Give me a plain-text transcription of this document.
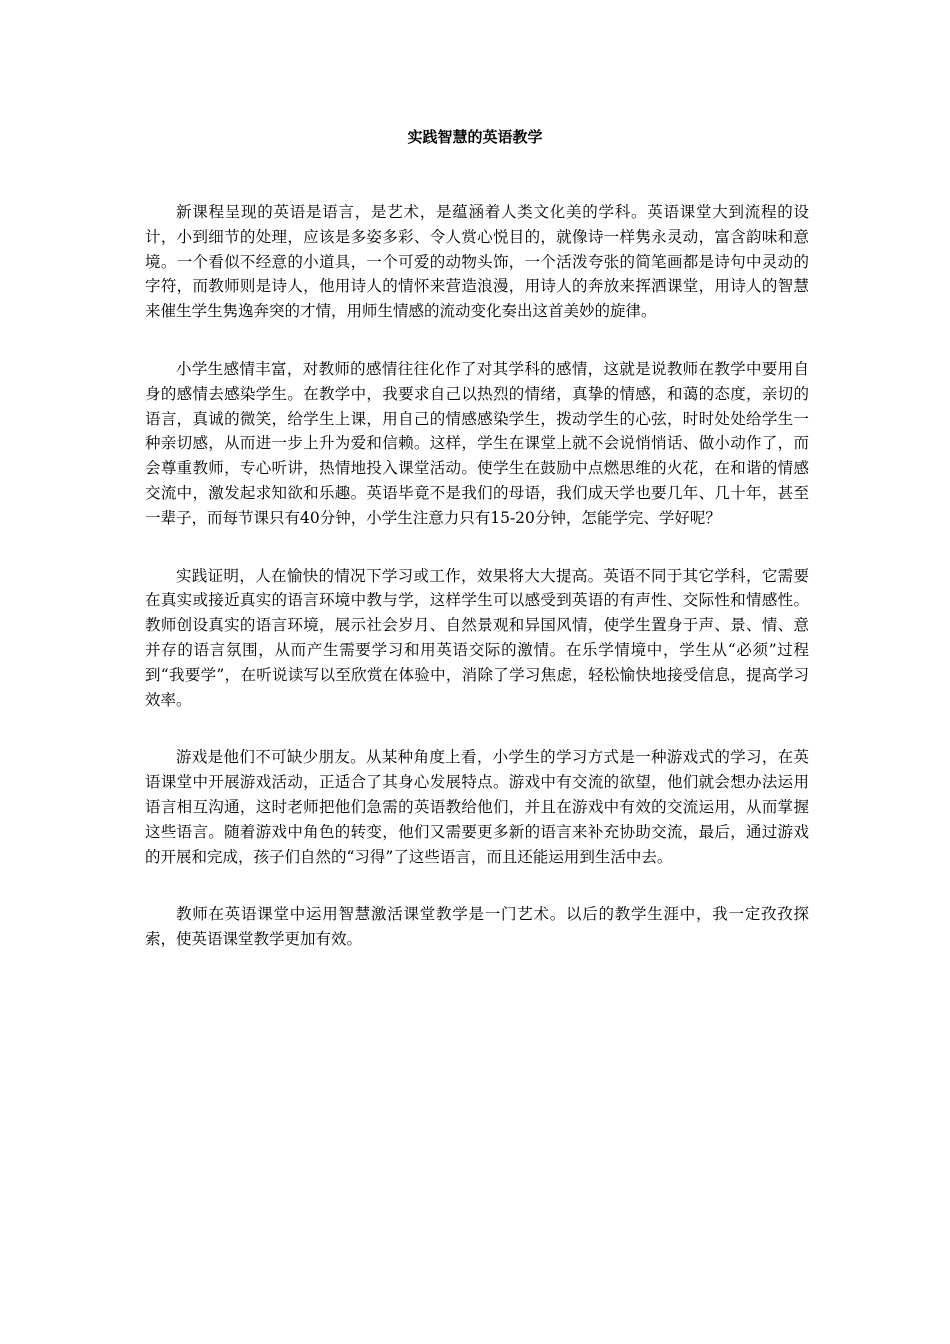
实践智慧的英语教学

新课程呈现的英语是语言，是艺术，是蕴涵着人类文化美的学科。英语课堂大到流程的设计，小到细节的处理，应该是多姿多彩、令人赏心悦目的，就像诗一样隽永灵动，富含韵味和意境。一个看似不经意的小道具，一个可爱的动物头饰，一个活泼夸张的简笔画都是诗句中灵动的字符，而教师则是诗人，他用诗人的情怀来营造浪漫，用诗人的奔放来挥洒课堂，用诗人的智慧来催生学生隽逸奔突的才情，用师生情感的流动变化奏出这首美妙的旋律。

小学生感情丰富，对教师的感情往往化作了对其学科的感情，这就是说教师在教学中要用自身的感情去感染学生。在教学中，我要求自己以热烈的情绪，真挚的情感，和蔼的态度，亲切的语言，真诚的微笑，给学生上课，用自己的情感感染学生，拨动学生的心弦，时时处处给学生一种亲切感，从而进一步上升为爱和信赖。这样，学生在课堂上就不会说悄悄话、做小动作了，而会尊重教师，专心听讲，热情地投入课堂活动。使学生在鼓励中点燃思维的火花，在和谐的情感交流中，激发起求知欲和乐趣。英语毕竟不是我们的母语，我们成天学也要几年、几十年，甚至一辈子，而每节课只有40分钟，小学生注意力只有15-20分钟，怎能学完、学好呢？

实践证明，人在愉快的情况下学习或工作，效果将大大提高。英语不同于其它学科，它需要在真实或接近真实的语言环境中教与学，这样学生可以感受到英语的有声性、交际性和情感性。教师创设真实的语言环境，展示社会岁月、自然景观和异国风情，使学生置身于声、景、情、意并存的语言氛围，从而产生需要学习和用英语交际的激情。在乐学情境中，学生从“必须”过程到“我要学”，在听说读写以至欣赏在体验中，消除了学习焦虑，轻松愉快地接受信息，提高学习效率。

游戏是他们不可缺少朋友。从某种角度上看，小学生的学习方式是一种游戏式的学习，在英语课堂中开展游戏活动，正适合了其身心发展特点。游戏中有交流的欲望，他们就会想办法运用语言相互沟通，这时老师把他们急需的英语教给他们，并且在游戏中有效的交流运用，从而掌握这些语言。随着游戏中角色的转变，他们又需要更多新的语言来补充协助交流，最后，通过游戏的开展和完成，孩子们自然的“习得”了这些语言，而且还能运用到生活中去。

教师在英语课堂中运用智慧激活课堂教学是一门艺术。以后的教学生涯中，我一定孜孜探索，使英语课堂教学更加有效。
